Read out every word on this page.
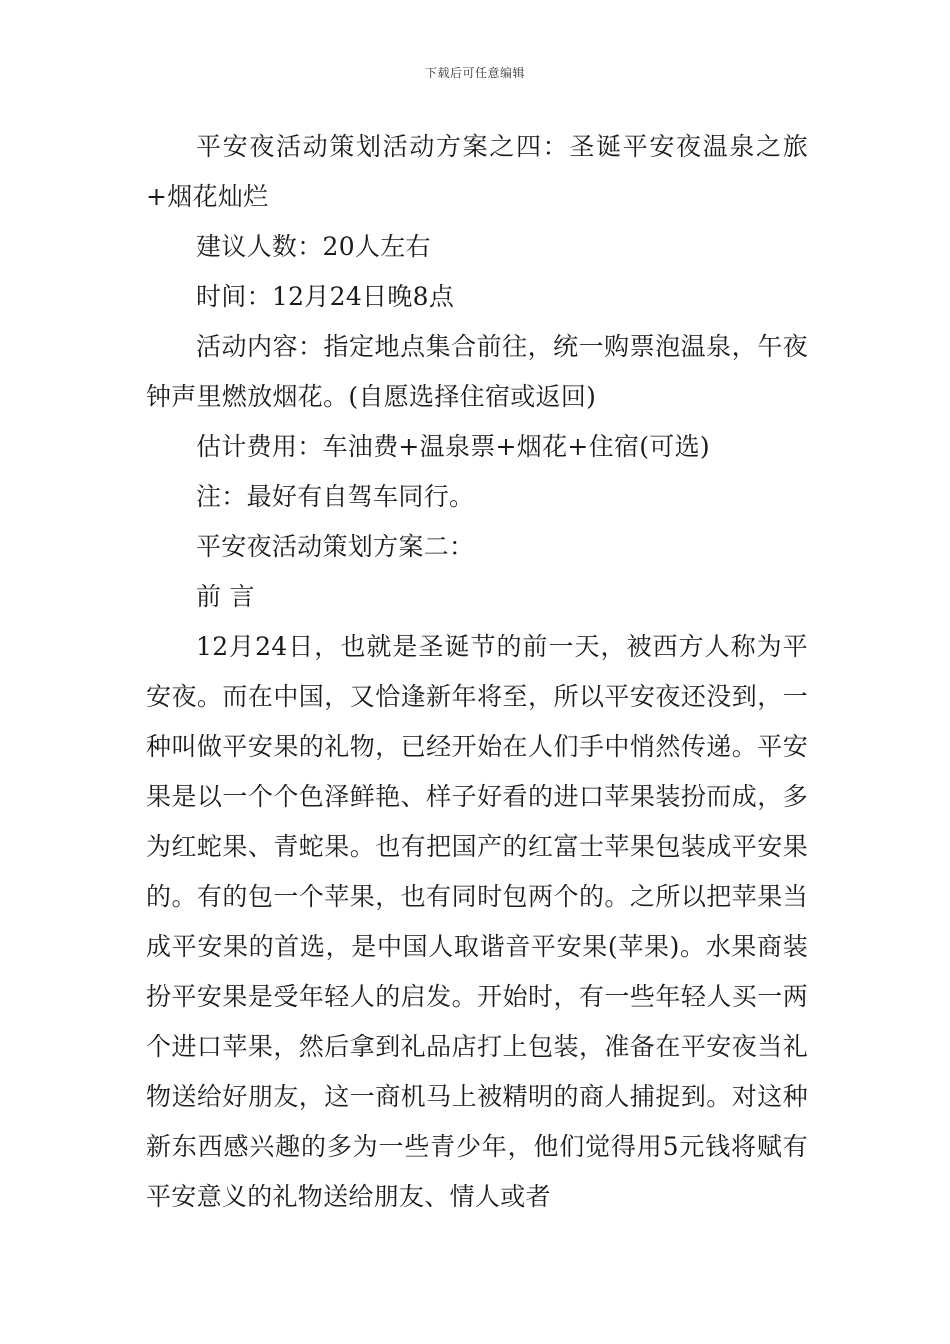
下载后可任意编辑

平安夜活动策划活动方案之四：圣诞平安夜温泉之旅+烟花灿烂

建议人数：20人左右

时间：12月24日晚8点

活动内容：指定地点集合前往，统一购票泡温泉，午夜钟声里燃放烟花。(自愿选择住宿或返回)

估计费用：车油费+温泉票+烟花+住宿(可选)

注：最好有自驾车同行。

平安夜活动策划方案二：

前 言

12月24日，也就是圣诞节的前一天，被西方人称为平安夜。而在中国，又恰逢新年将至，所以平安夜还没到，一种叫做平安果的礼物，已经开始在人们手中悄然传递。平安果是以一个个色泽鲜艳、样子好看的进口苹果装扮而成，多为红蛇果、青蛇果。也有把国产的红富士苹果包装成平安果的。有的包一个苹果，也有同时包两个的。之所以把苹果当成平安果的首选，是中国人取谐音平安果(苹果)。水果商装扮平安果是受年轻人的启发。开始时，有一些年轻人买一两个进口苹果，然后拿到礼品店打上包装，准备在平安夜当礼物送给好朋友，这一商机马上被精明的商人捕捉到。对这种新东西感兴趣的多为一些青少年，他们觉得用5元钱将赋有平安意义的礼物送给朋友、情人或者
